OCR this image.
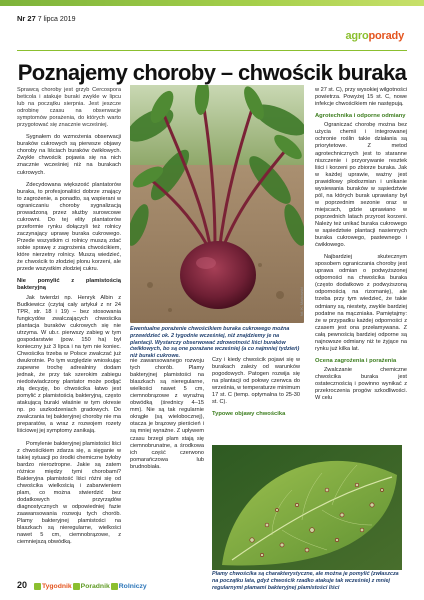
Nr 27 7 lipca 2019
agroporady
Poznajemy choroby – chwościk buraka

Sprawcą choroby jest grzyb Cercospora beticola i atakuje buraki zwykle w lipcu lub na początku sierpnia. Jest jeszcze odrobinę czasu na obserwacje symptomów porażenia, do których warto przygotować się znacznie wcześniej.

Sygnałem do wzmożenia obserwacji buraków cukrowych są pierwsze objawy choroby na liściach buraków ćwikłowych. Zwykle chwościk pojawia się na nich znacznie wcześniej niż na burakach cukrowych.

Zdecydowana większość plantatorów buraka, to profesjonaliści dobrze znający to zagrożenie, a ponadto, są wspierani w ograniczaniu choroby sygnalizacją prowadzoną przez służby surowcowe cukrowni. Do tej elity plantatorów przeformie rynku dołączyli też rolnicy zaczynający uprawę buraka cukrowego. Przede wszystkim ci rolnicy muszą zdać sobie sprawę z zagrożenia chwościkiem, które nierzetny rolnicy. Muszą wiedzieć, że chwościk to złodziej plonu korzeni, ale przede wszystkim złodziej cukru.

Nie pomylić z plamistością bakteryjną

Jak twierdzi np. Henryk Albin z Budkiewicz (czytaj cały artykuł z nr 24 TPR, str. 18 i 19) – bez stosowania fungicydów zwalczających chwościka plantacja buraków cukrowych się nie utrzyma. W ub.r. pierwszy zabieg w tym gospodarstwie (pow. 150 ha) był konieczny już 3 lipca i na tym nie koniec. Chwościka trzeba w Polsce zwalczać już dwukrotnie. Po tym względzie wnioskując zapewne trochę adrealniny dodam jednak, że przy tak szerokim zabiegu niedoświadczony plantator może podjąć złą decyzję, bo chwościka łatwo jest pomylić z plamistością bakteryjną, często atakującą buraki właśnie w tym okresie np. po uszkodzeniach gradowych. Do zwalczania tej bakteryjnej choroby nie ma preparatów, a wraz z rozwojem rozety liściowej jej symptomy zanikają.

Pomylenie bakteryjnej plamistości liści z chwościkiem zdarza się, a sięganie w takiej sytuacji po środki chemiczne byłoby bardzo nieroztropne. Jakie są zatem różnice między tymi chorobami? Bakteryjna plamistość liści różni się od chwościka wielkością i zabarwieniem plam, co można stwierdzić bez dodatkowych przyrządów diagnostycznych w odpowiedniej fazie zaawansowania rozwoju tych chorób. Plamy bakteryjnej plamistości na blaszkach są nieregularne, wielkości nawet 5 cm, ciemnobrązowe, z ciemniejszą obwódką.

fot. K. Markowski
Ewentualne porażenie chwościkiem buraka cukrowego można przewidzieć ok. 2 tygodnie wcześniej, niż znajdziemy je na plantacji. Wystarczy obserwować zdrowotność liści buraków ćwikłowych, bo są one porażane wcześniej (a co najmniej tydzień) niż buraki cukrowe.

nie zawansowanego rozwoju tych chorób. Plamy bakteryjnej plamistości na blaszkach są nieregularne, wielkości nawet 5 cm, ciemnobrązowe z wyraźną obwódką (średnicy 4–15 mm). Nie są tak regularnie okrągłe (są wielobocznej), otacza je brązowy pierścień i są mniej wyraźne. Z upływem czasu brzegi plam stają się ciemnobrunatne, a środkowa ich część czerwono pomarańczowa lub brudnobiała.

Czy i kiedy chwościk pojawi się w burakach zależy od warunków pogodowych. Patogen rozwija się na plantacji od połowy czerwca do września, w temperaturze minimum 17 st. C (temp. optymalna to 25-30 st. C).

Typowe objawy chwościka

w 27 st. C), przy wysokiej wilgotności powietrza. Powyżej 15 st. C, nowe infekcje chwościkiem nie następują.

Agrotechnika i odporne odmiany

Ograniczać chorobę można bez użycia chemii i integrowanej ochronie roślin takie działania są priorytetowe. Z metod agrotechnicznych jest to staranne niszczenie i przyorywanie resztek liści i korzeni po zbiorze buraka. Jak w każdej uprawie, ważny jest prawidłowy płodozmian i unikanie wysiewania buraków w sąsiedztwie pól, na których burak uprawiany był w poprzednim sezonie oraz w miejscach, gdzie uprawiano w poprzednich latach przyrost korzeni. Należy też unikać buraka cukrowego w sąsiedztwie plantacji nasiennych buraka cukrowego, pastewnego i ćwikłowego.

Najbardziej skutecznym sposobem ograniczania choroby jest uprawa odmian o podwyższonej odporności na chwościka buraka (często dodatkowo z podwyższoną odpornością na rizomanię), ale trzeba przy tym wiedzieć, że takie odmiany są, niestety, zwykle bardziej podatne na mączniaka. Pamiętajmy: że w przypadku każdej odporności z czasem jest ona przełamywana. Z całą pewnością bardziej odporne są najnowsze odmiany niż te żyjące na rynku już kilka lat.

Ocena zagrożenia i porażenia

Zwalczanie chemiczne chwościka buraka jest ostatecznością i powinno wynikać z przekroczenia progów szkodliwości. W celu

Plamy chwościka są charakterystyczne, ale można je pomylić (zwłaszcza na początku lata, gdyż chwościk rzadko atakuje tak wcześnie) z mniej regularnymi plamami bakteryjnej plamistości liści
20 Tygodnik Poradnik Rolniczy
